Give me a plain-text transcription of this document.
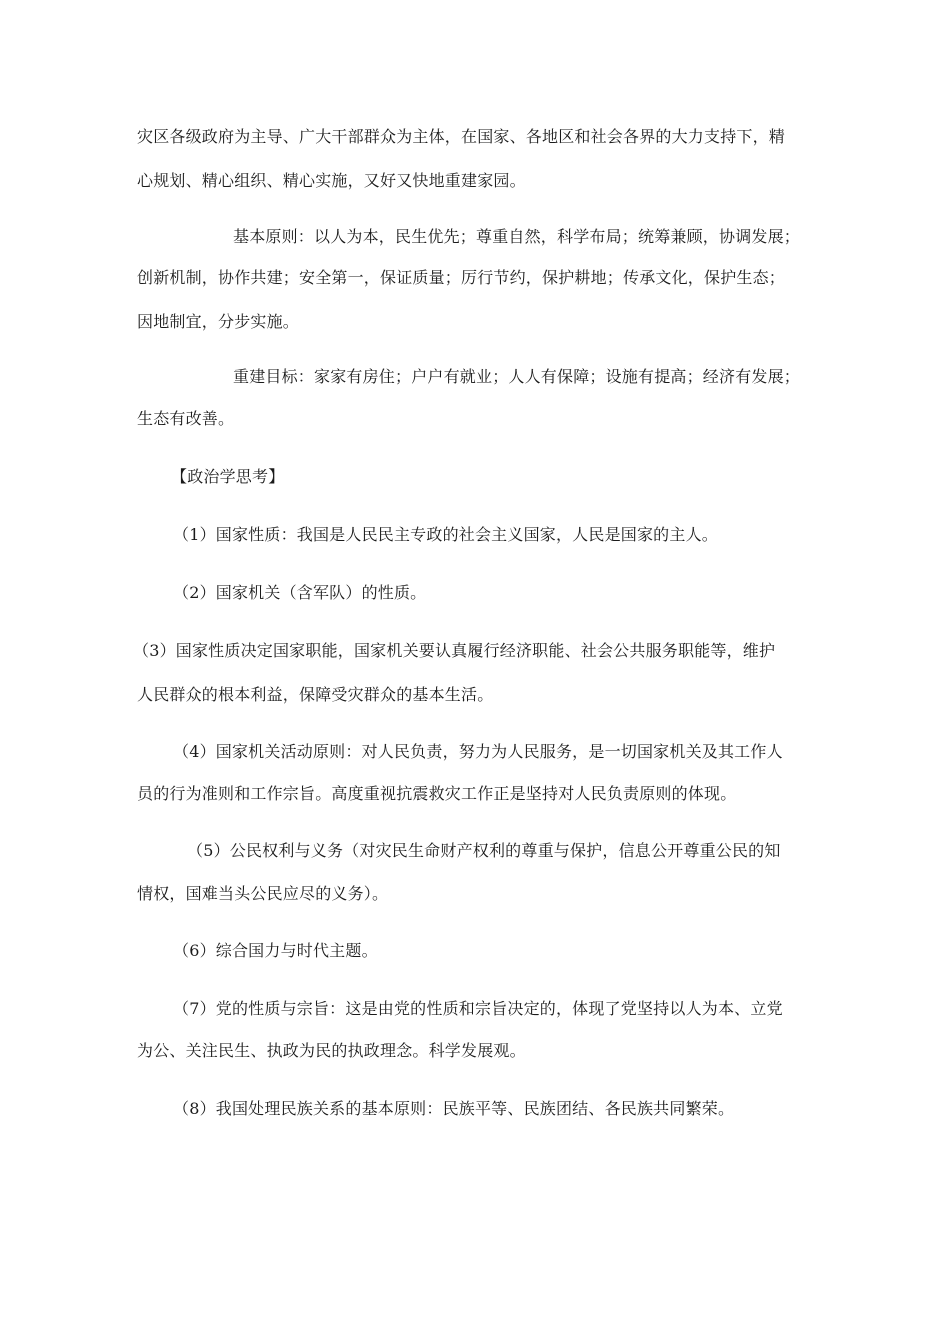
灾区各级政府为主导、广大干部群众为主体，在国家、各地区和社会各界的大力支持下，精
心规划、精心组织、精心实施，又好又快地重建家园。
基本原则：以人为本，民生优先；尊重自然，科学布局；统筹兼顾，协调发展；
创新机制，协作共建；安全第一，保证质量；厉行节约，保护耕地；传承文化，保护生态；
因地制宜，分步实施。
重建目标：家家有房住；户户有就业；人人有保障；设施有提高；经济有发展；
生态有改善。
【政治学思考】
（1）国家性质：我国是人民民主专政的社会主义国家，人民是国家的主人。
（2）国家机关（含军队）的性质。
（3）国家性质决定国家职能，国家机关要认真履行经济职能、社会公共服务职能等，维护
人民群众的根本利益，保障受灾群众的基本生活。
（4）国家机关活动原则：对人民负责，努力为人民服务，是一切国家机关及其工作人
员的行为准则和工作宗旨。高度重视抗震救灾工作正是坚持对人民负责原则的体现。
（5）公民权利与义务（对灾民生命财产权利的尊重与保护，信息公开尊重公民的知
情权，国难当头公民应尽的义务）。
（6）综合国力与时代主题。
（7）党的性质与宗旨：这是由党的性质和宗旨决定的，体现了党坚持以人为本、立党
为公、关注民生、执政为民的执政理念。科学发展观。
（8）我国处理民族关系的基本原则：民族平等、民族团结、各民族共同繁荣。
